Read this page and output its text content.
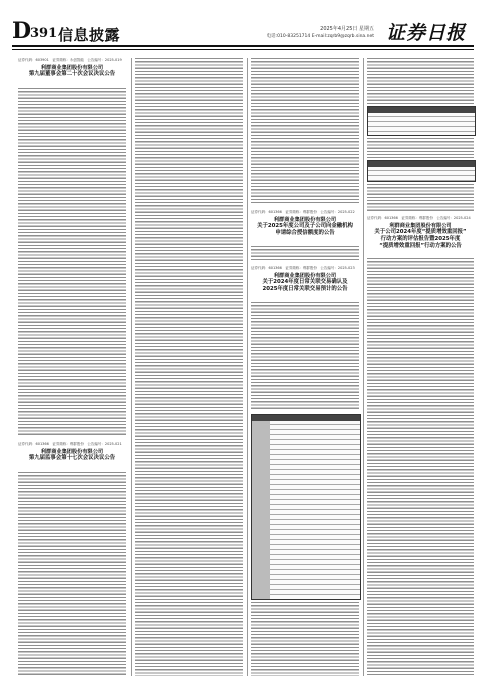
D
391 信息披露	2025年4月25日 星期五
电话:010-83251714 E-mail:zqrb9@zqrb.sina.net 证券日报
证券代码：603901　证券简称：永创智能　公告编号：2025-019
利群商业集团股份有限公司
第九届董事会第二十次会议决议公告
证券代码：601366　证券简称：利群股份　公告编号：2025-021
利群商业集团股份有限公司
第九届监事会第十七次会议决议公告
证券代码：601366　证券简称：利群股份　公告编号：2025-022
利群商业集团股份有限公司
关于2025年度公司及子公司向金融机构
申请综合授信额度的公告
证券代码：601366　证券简称：利群股份　公告编号：2025-023
利群商业集团股份有限公司
关于2024年度日常关联交易确认及
2025年度日常关联交易预计的公告
证券代码：601366　证券简称：利群股份　公告编号：2025-024
利群商业集团股份有限公司
关于公司2024年度“提质增效重回报”
行动方案的评估报告暨2025年度
“提质增效重回报”行动方案的公告
